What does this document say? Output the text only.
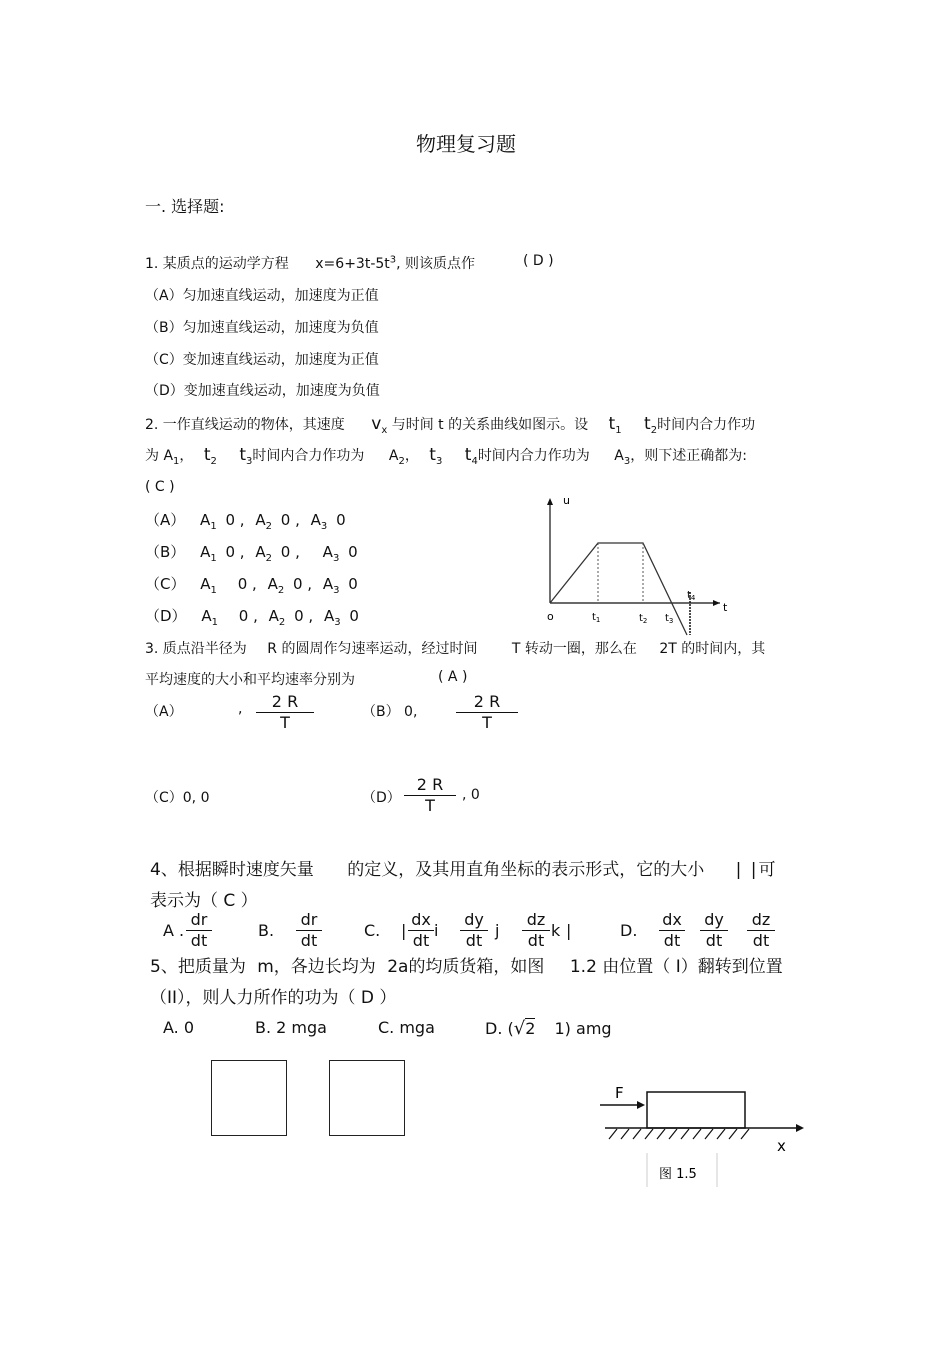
物理复习题
一. 选择题:
1. 某质点的运动学方程 $x=6+3t-5t^3$, 则该质点作	( D )
（A）匀加速直线运动，加速度为正值
（B）匀加速直线运动，加速度为负值
（C）变加速直线运动，加速度为正值
（D）变加速直线运动，加速度为负值
2. 一作直线运动的物体，其速度 $v_x$ 与时间 t 的关系曲线如图示。设 $t_1$ $t_2$时间内合力作功
为 $A_1$， $t_2$ $t_3$时间内合力作功为 $A_2$， $t_3$ $t_4$时间内合力作功为 $A_3$，则下述正确都为:
( C )
（A） $A_1$ 0 , $A_2$ 0 , $A_3$ 0
（B） $A_1$ 0 , $A_2$ 0 , $A_3$ 0
（C） $A_1$ 0 , $A_2$ 0 , $A_3$ 0
（D） $A_1$ 0 , $A_2$ 0 , $A_3$ 0
u
t
o	$t_1$	$t_2$ $t_3$
$t_4$
3. 质点沿半径为 R 的圆周作匀速率运动，经过时间 T 转动一圈，那么在 2T 的时间内，其
平均速度的大小和平均速率分别为	( A )
（A）	, $\frac{2 R}{T}$	（B） 0, $\frac{2 R}{T}$
（C）0, 0	$(D) \frac{2 R}{T}$ , 0
4、根据瞬时速度矢量 的定义，及其用直角坐标的表示形式，它的大小 | |可
表示为（ C ）
A . $\frac{dr}{dt}$	B. $\frac{dr}{dt}$	C. | $\frac{dx}{dt}$ i $\frac{dy}{dt}$ j $\frac{dz}{dt}$ k |	D. $\frac{dx}{dt} \frac{dy}{dt} \frac{dz}{dt}$
5、把质量为 m，各边长均为 2a的均质货箱，如图 1.2 由位置（ I）翻转到位置
（II），则人力所作的功为（ D ）
A. 0	B. 2 mga	C. mga	D. (√2 1) amg
F
x
图 1.5
